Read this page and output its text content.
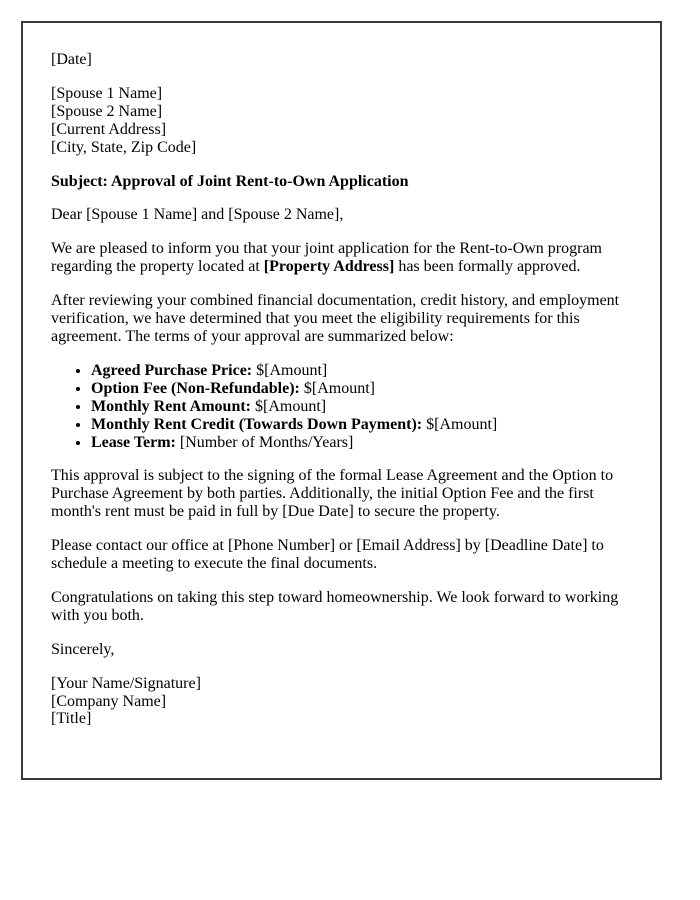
[Date]

[Spouse 1 Name]
[Spouse 2 Name]
[Current Address]
[City, State, Zip Code]

Subject: Approval of Joint Rent-to-Own Application

Dear [Spouse 1 Name] and [Spouse 2 Name],

We are pleased to inform you that your joint application for the Rent-to-Own program regarding the property located at [Property Address] has been formally approved.

After reviewing your combined financial documentation, credit history, and employment verification, we have determined that you meet the eligibility requirements for this agreement. The terms of your approval are summarized below:

• Agreed Purchase Price: $[Amount]
• Option Fee (Non-Refundable): $[Amount]
• Monthly Rent Amount: $[Amount]
• Monthly Rent Credit (Towards Down Payment): $[Amount]
• Lease Term: [Number of Months/Years]

This approval is subject to the signing of the formal Lease Agreement and the Option to Purchase Agreement by both parties. Additionally, the initial Option Fee and the first month's rent must be paid in full by [Due Date] to secure the property.

Please contact our office at [Phone Number] or [Email Address] by [Deadline Date] to schedule a meeting to execute the final documents.

Congratulations on taking this step toward homeownership. We look forward to working with you both.

Sincerely,

[Your Name/Signature]
[Company Name]
[Title]
